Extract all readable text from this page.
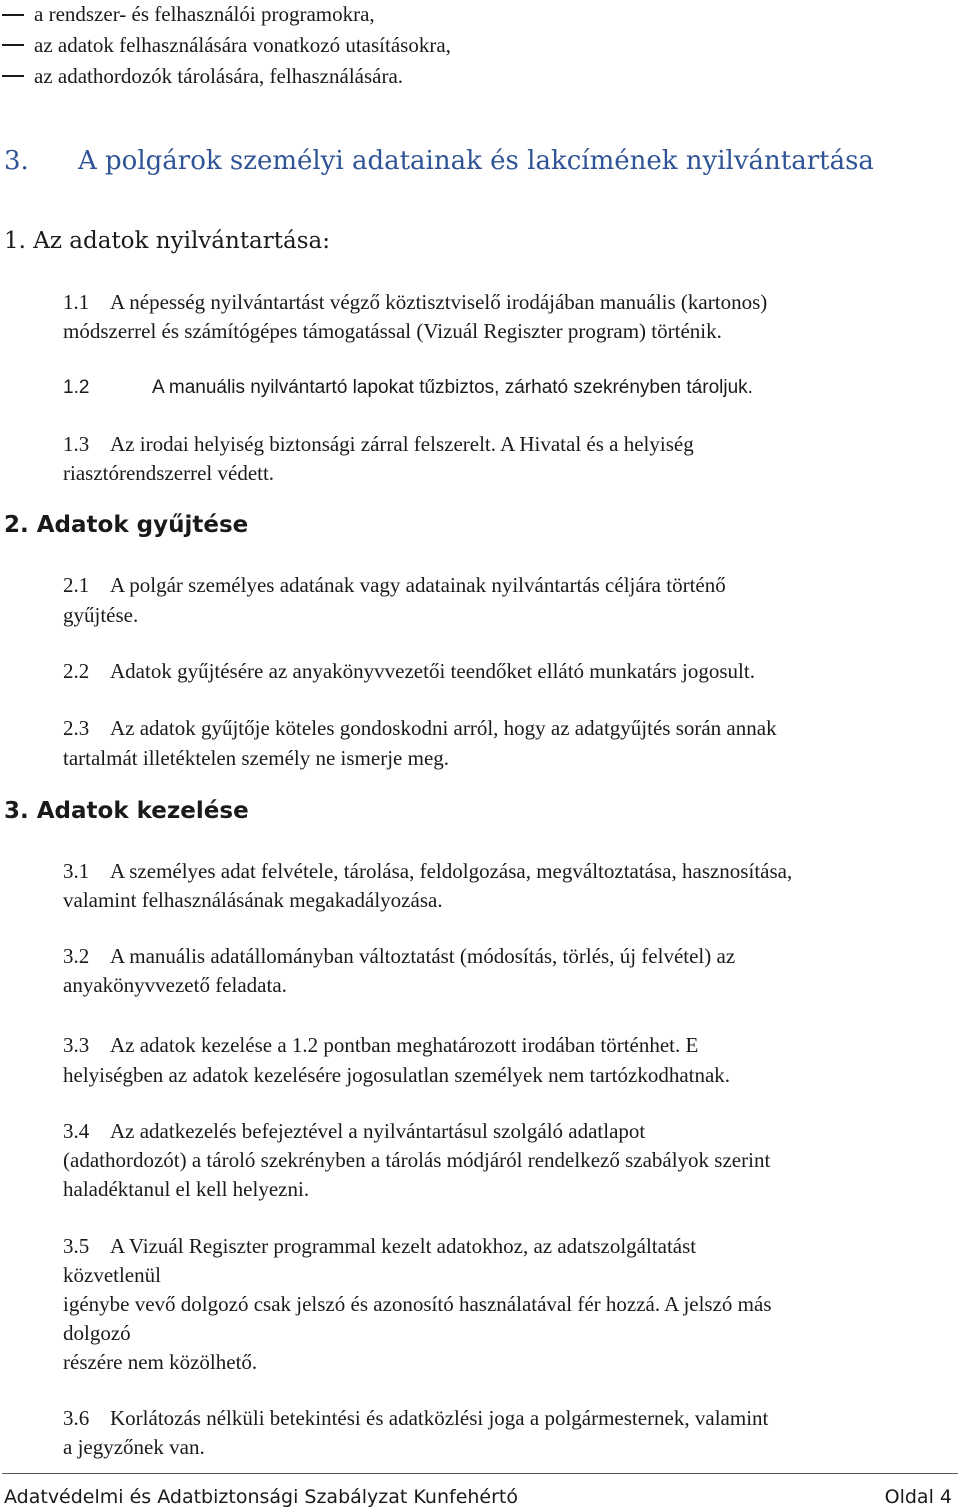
a rendszer- és felhasználói programokra,
az adatok felhasználására vonatkozó utasításokra,
az adathordozók tárolására, felhasználására.
3. A polgárok személyi adatainak és lakcímének nyilvántartása
1. Az adatok nyilvántartása:
1.1 A népesség nyilvántartást végző köztisztviselő irodájában manuális (kartonos)
módszerrel és számítógépes támogatással (Vizuál Regiszter program) történik.
1.2	A manuális nyilvántartó lapokat tűzbiztos, zárható szekrényben tároljuk.
1.3 Az irodai helyiség biztonsági zárral felszerelt. A Hivatal és a helyiség
riasztórendszerrel védett.
2. Adatok gyűjtése
2.1 A polgár személyes adatának vagy adatainak nyilvántartás céljára történő
gyűjtése.
2.2 Adatok gyűjtésére az anyakönyvvezetői teendőket ellátó munkatárs jogosult.
2.3 Az adatok gyűjtője köteles gondoskodni arról, hogy az adatgyűjtés során annak
tartalmát illetéktelen személy ne ismerje meg.
3. Adatok kezelése
3.1 A személyes adat felvétele, tárolása, feldolgozása, megváltoztatása, hasznosítása,
valamint felhasználásának megakadályozása.
3.2 A manuális adatállományban változtatást (módosítás, törlés, új felvétel) az
anyakönyvvezető feladata.
3.3 Az adatok kezelése a 1.2 pontban meghatározott irodában történhet. E
helyiségben az adatok kezelésére jogosulatlan személyek nem tartózkodhatnak.
3.4 Az adatkezelés befejeztével a nyilvántartásul szolgáló adatlapot
(adathordozót) a tároló szekrényben a tárolás módjáról rendelkező szabályok szerint
haladéktanul el kell helyezni.
3.5 A Vizuál Regiszter programmal kezelt adatokhoz, az adatszolgáltatást
közvetlenül
igénybe vevő dolgozó csak jelszó és azonosító használatával fér hozzá. A jelszó más
dolgozó
részére nem közölhető.
3.6 Korlátozás nélküli betekintési és adatközlési joga a polgármesternek, valamint
a jegyzőnek van.
Adatvédelmi és Adatbiztonsági Szabályzat Kunfehértó	Oldal 4
